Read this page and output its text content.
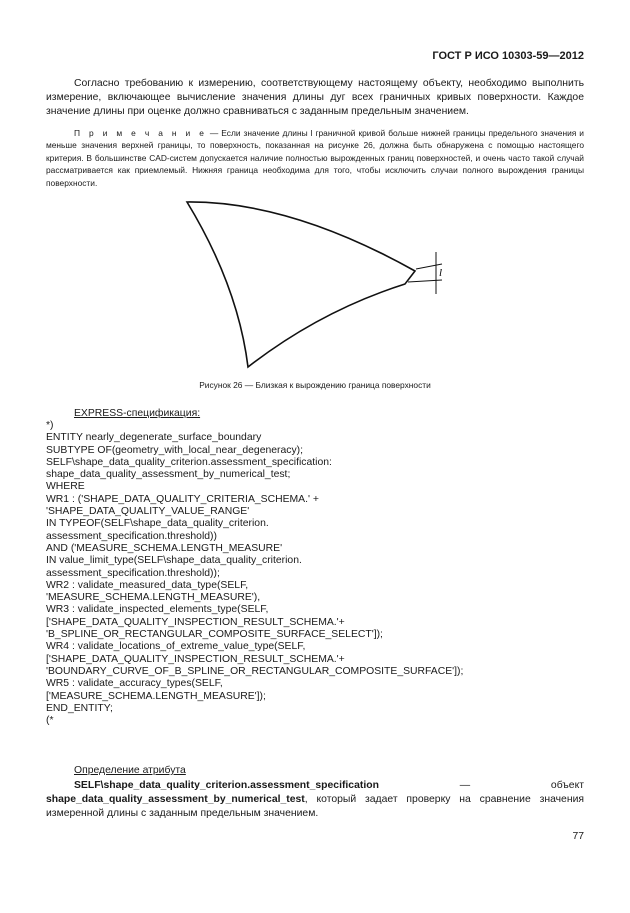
ГОСТ Р ИСО 10303-59—2012

Согласно требованию к измерению, соответствующему настоящему объекту, необходимо выполнить измерение, включающее вычисление значения длины дуг всех граничных кривых поверхности. Каждое значение длины при оценке должно сравниваться с заданным предельным значением.

П р и м е ч а н и е — Если значение длины l граничной кривой больше нижней границы предельного значения и меньше значения верхней границы, то поверхность, показанная на рисунке 26, должна быть обнаружена с помощью настоящего критерия. В большинстве CAD-систем допускается наличие полностью вырожденных границ поверхностей, и очень часто такой случай рассматривается как приемлемый. Нижняя граница необходима для того, чтобы исключить случаи полного вырождения границы поверхности.

l
Рисунок 26 — Близкая к вырождению граница поверхности
EXPRESS-спецификация:
*)
ENTITY nearly_degenerate_surface_boundary
SUBTYPE OF(geometry_with_local_near_degeneracy);
SELF\shape_data_quality_criterion.assessment_specification:
shape_data_quality_assessment_by_numerical_test;
WHERE
WR1 : ('SHAPE_DATA_QUALITY_CRITERIA_SCHEMA.' +
'SHAPE_DATA_QUALITY_VALUE_RANGE'
IN TYPEOF(SELF\shape_data_quality_criterion.
assessment_specification.threshold))
AND ('MEASURE_SCHEMA.LENGTH_MEASURE'
IN value_limit_type(SELF\shape_data_quality_criterion.
assessment_specification.threshold));
WR2 : validate_measured_data_type(SELF,
'MEASURE_SCHEMA.LENGTH_MEASURE'),
WR3 : validate_inspected_elements_type(SELF,
['SHAPE_DATA_QUALITY_INSPECTION_RESULT_SCHEMA.'+
'B_SPLINE_OR_RECTANGULAR_COMPOSITE_SURFACE_SELECT']);
WR4 : validate_locations_of_extreme_value_type(SELF,
['SHAPE_DATA_QUALITY_INSPECTION_RESULT_SCHEMA.'+
'BOUNDARY_CURVE_OF_B_SPLINE_OR_RECTANGULAR_COMPOSITE_SURFACE']);
WR5 : validate_accuracy_types(SELF,
['MEASURE_SCHEMA.LENGTH_MEASURE']);
END_ENTITY;
(*
Определение атрибута

SELF\shape_data_quality_criterion.assessment_specification — объект shape_data_quality_assessment_by_numerical_test, который задает проверку на сравнение значения измеренной длины с заданным предельным значением.

77
